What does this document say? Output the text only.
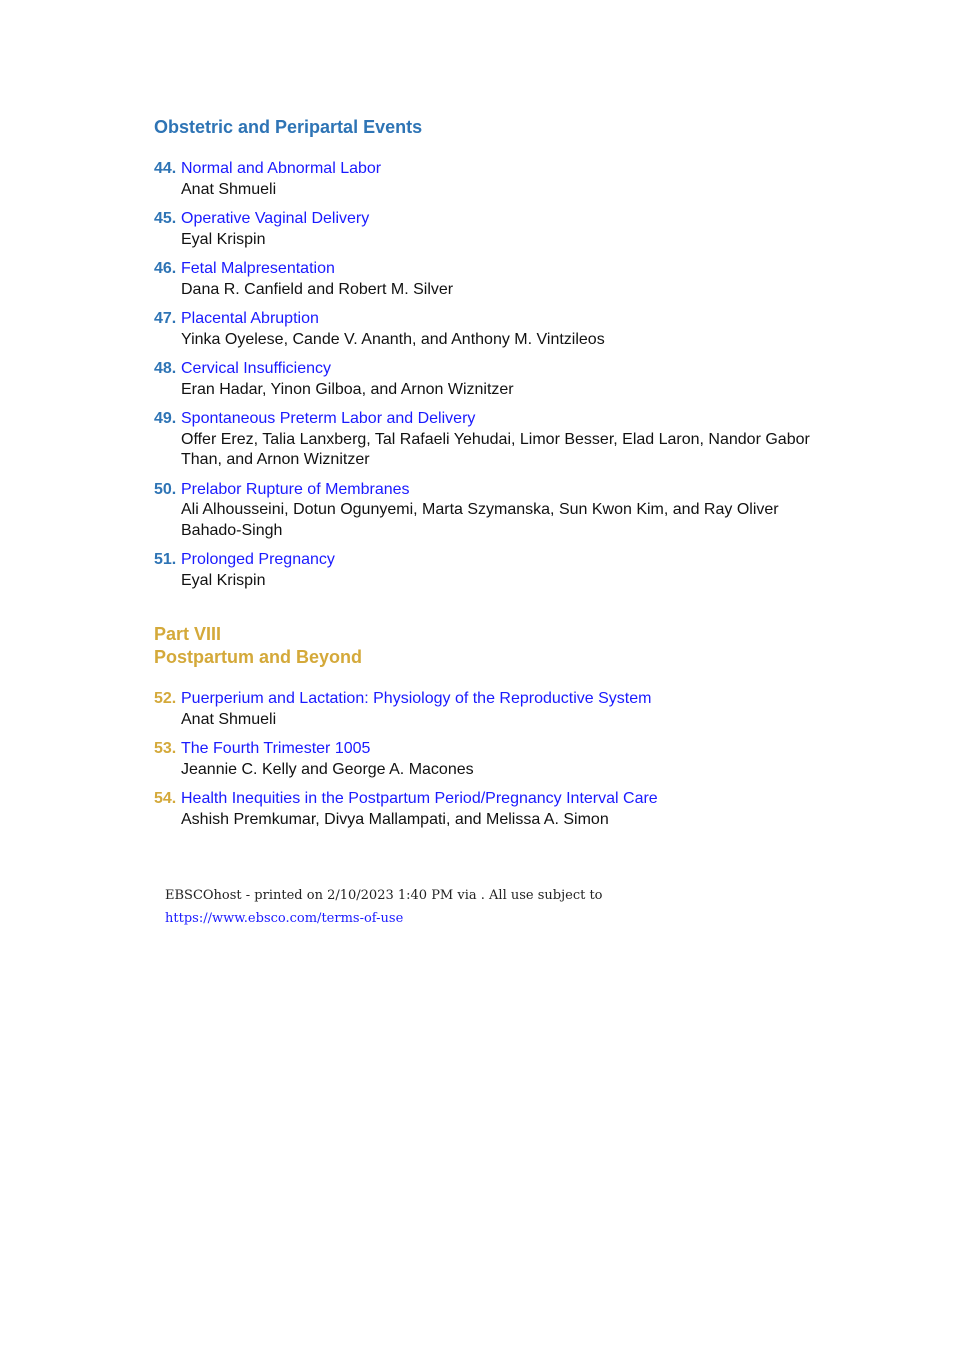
Obstetric and Peripartal Events
44. Normal and Abnormal Labor
Anat Shmueli
45. Operative Vaginal Delivery
Eyal Krispin
46. Fetal Malpresentation
Dana R. Canfield and Robert M. Silver
47. Placental Abruption
Yinka Oyelese, Cande V. Ananth, and Anthony M. Vintzileos
48. Cervical Insufficiency
Eran Hadar, Yinon Gilboa, and Arnon Wiznitzer
49. Spontaneous Preterm Labor and Delivery
Offer Erez, Talia Lanxberg, Tal Rafaeli Yehudai, Limor Besser, Elad Laron, Nandor Gabor Than, and Arnon Wiznitzer
50. Prelabor Rupture of Membranes
Ali Alhousseini, Dotun Ogunyemi, Marta Szymanska, Sun Kwon Kim, and Ray Oliver Bahado-Singh
51. Prolonged Pregnancy
Eyal Krispin
Part VIII
Postpartum and Beyond
52. Puerperium and Lactation: Physiology of the Reproductive System
Anat Shmueli
53. The Fourth Trimester 1005
Jeannie C. Kelly and George A. Macones
54. Health Inequities in the Postpartum Period/Pregnancy Interval Care
Ashish Premkumar, Divya Mallampati, and Melissa A. Simon
EBSCOhost - printed on 2/10/2023 1:40 PM via . All use subject to https://www.ebsco.com/terms-of-use
